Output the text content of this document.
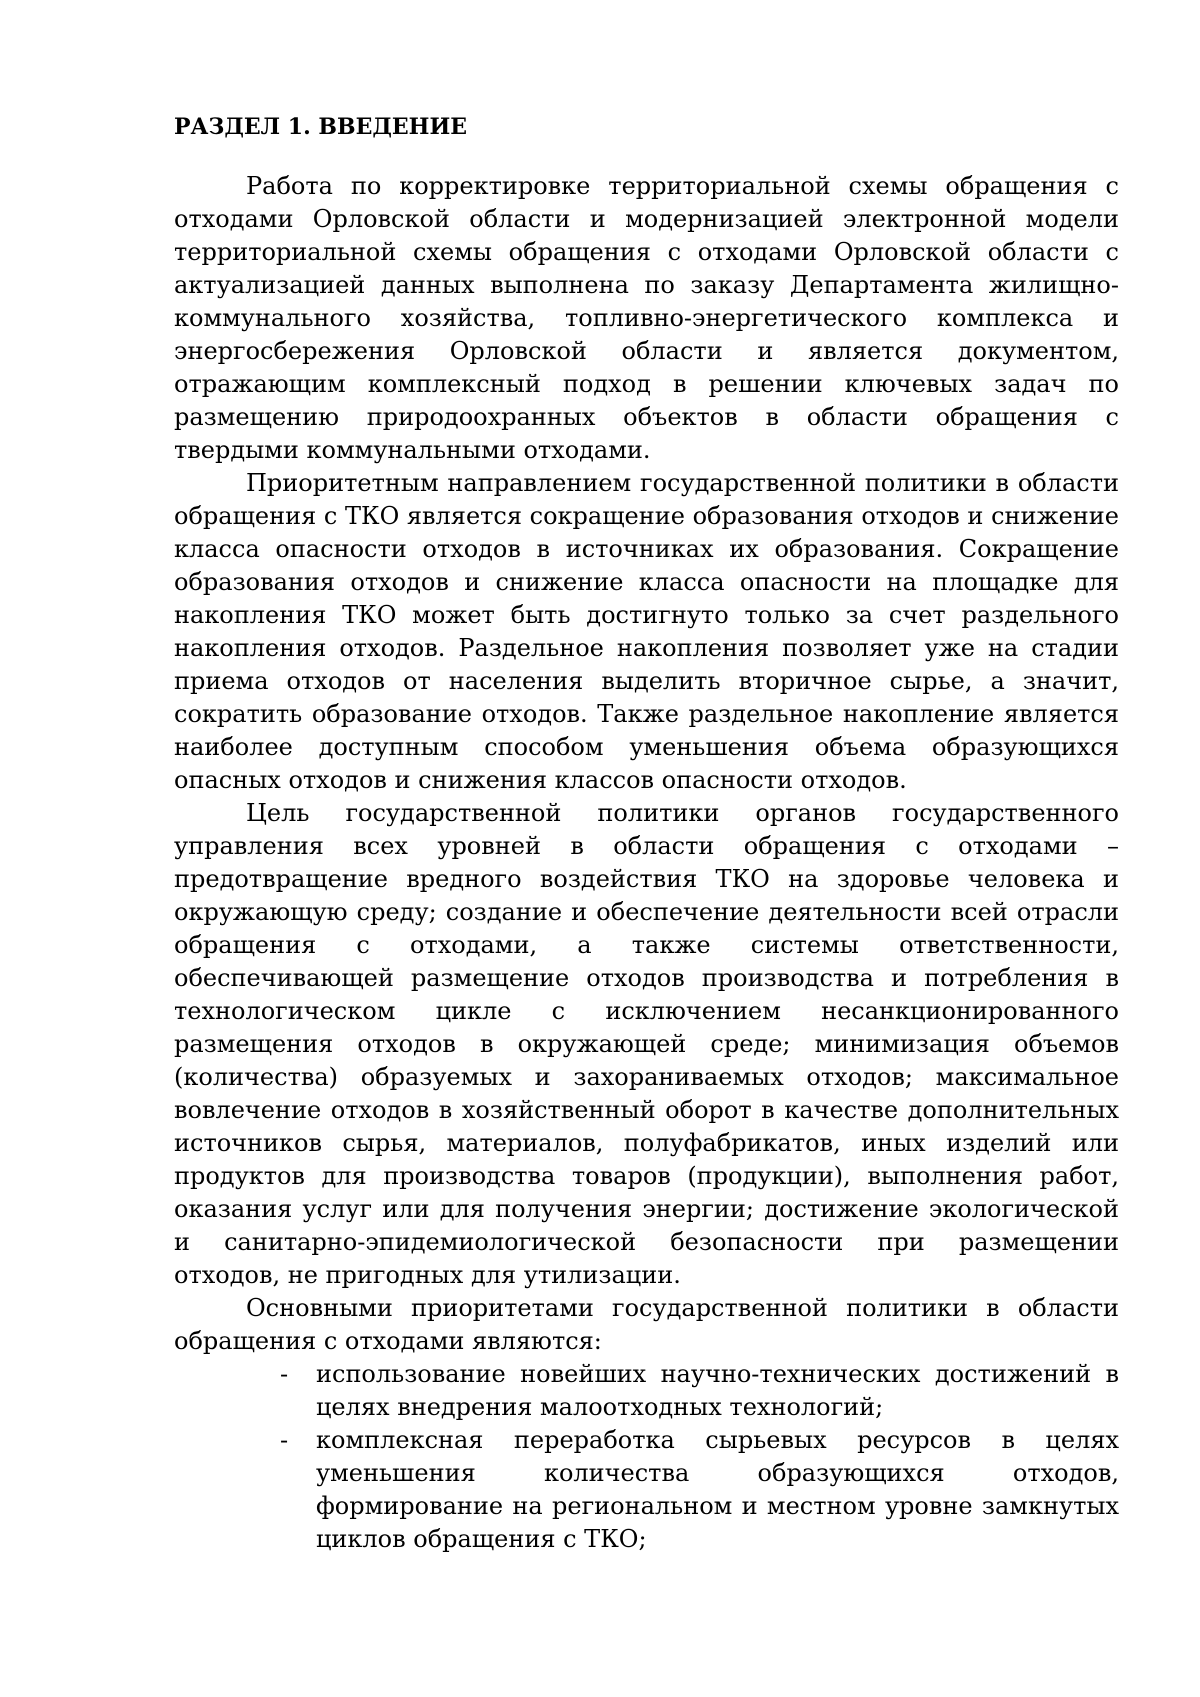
РАЗДЕЛ 1. ВВЕДЕНИЕ

Работа по корректировке территориальной схемы обращения с отходами Орловской области и модернизацией электронной модели территориальной схемы обращения с отходами Орловской области с актуализацией данных выполнена по заказу Департамента жилищно-коммунального хозяйства, топливно-энергетического комплекса и энергосбережения Орловской области и является документом, отражающим комплексный подход в решении ключевых задач по размещению природоохранных объектов в области обращения с твердыми коммунальными отходами.

Приоритетным направлением государственной политики в области обращения с ТКО является сокращение образования отходов и снижение класса опасности отходов в источниках их образования. Сокращение образования отходов и снижение класса опасности на площадке для накопления ТКО может быть достигнуто только за счет раздельного накопления отходов. Раздельное накопления позволяет уже на стадии приема отходов от населения выделить вторичное сырье, а значит, сократить образование отходов. Также раздельное накопление является наиболее доступным способом уменьшения объема образующихся опасных отходов и снижения классов опасности отходов.

Цель государственной политики органов государственного управления всех уровней в области обращения с отходами – предотвращение вредного воздействия ТКО на здоровье человека и окружающую среду; создание и обеспечение деятельности всей отрасли обращения с отходами, а также системы ответственности, обеспечивающей размещение отходов производства и потребления в технологическом цикле с исключением несанкционированного размещения отходов в окружающей среде; минимизация объемов (количества) образуемых и захораниваемых отходов; максимальное вовлечение отходов в хозяйственный оборот в качестве дополнительных источников сырья, материалов, полуфабрикатов, иных изделий или продуктов для производства товаров (продукции), выполнения работ, оказания услуг или для получения энергии; достижение экологической и санитарно-эпидемиологической безопасности при размещении отходов, не пригодных для утилизации.

Основными приоритетами государственной политики в области обращения с отходами являются:

- использование новейших научно-технических достижений в целях внедрения малоотходных технологий;
- комплексная переработка сырьевых ресурсов в целях уменьшения количества образующихся отходов, формирование на региональном и местном уровне замкнутых циклов обращения с ТКО;
